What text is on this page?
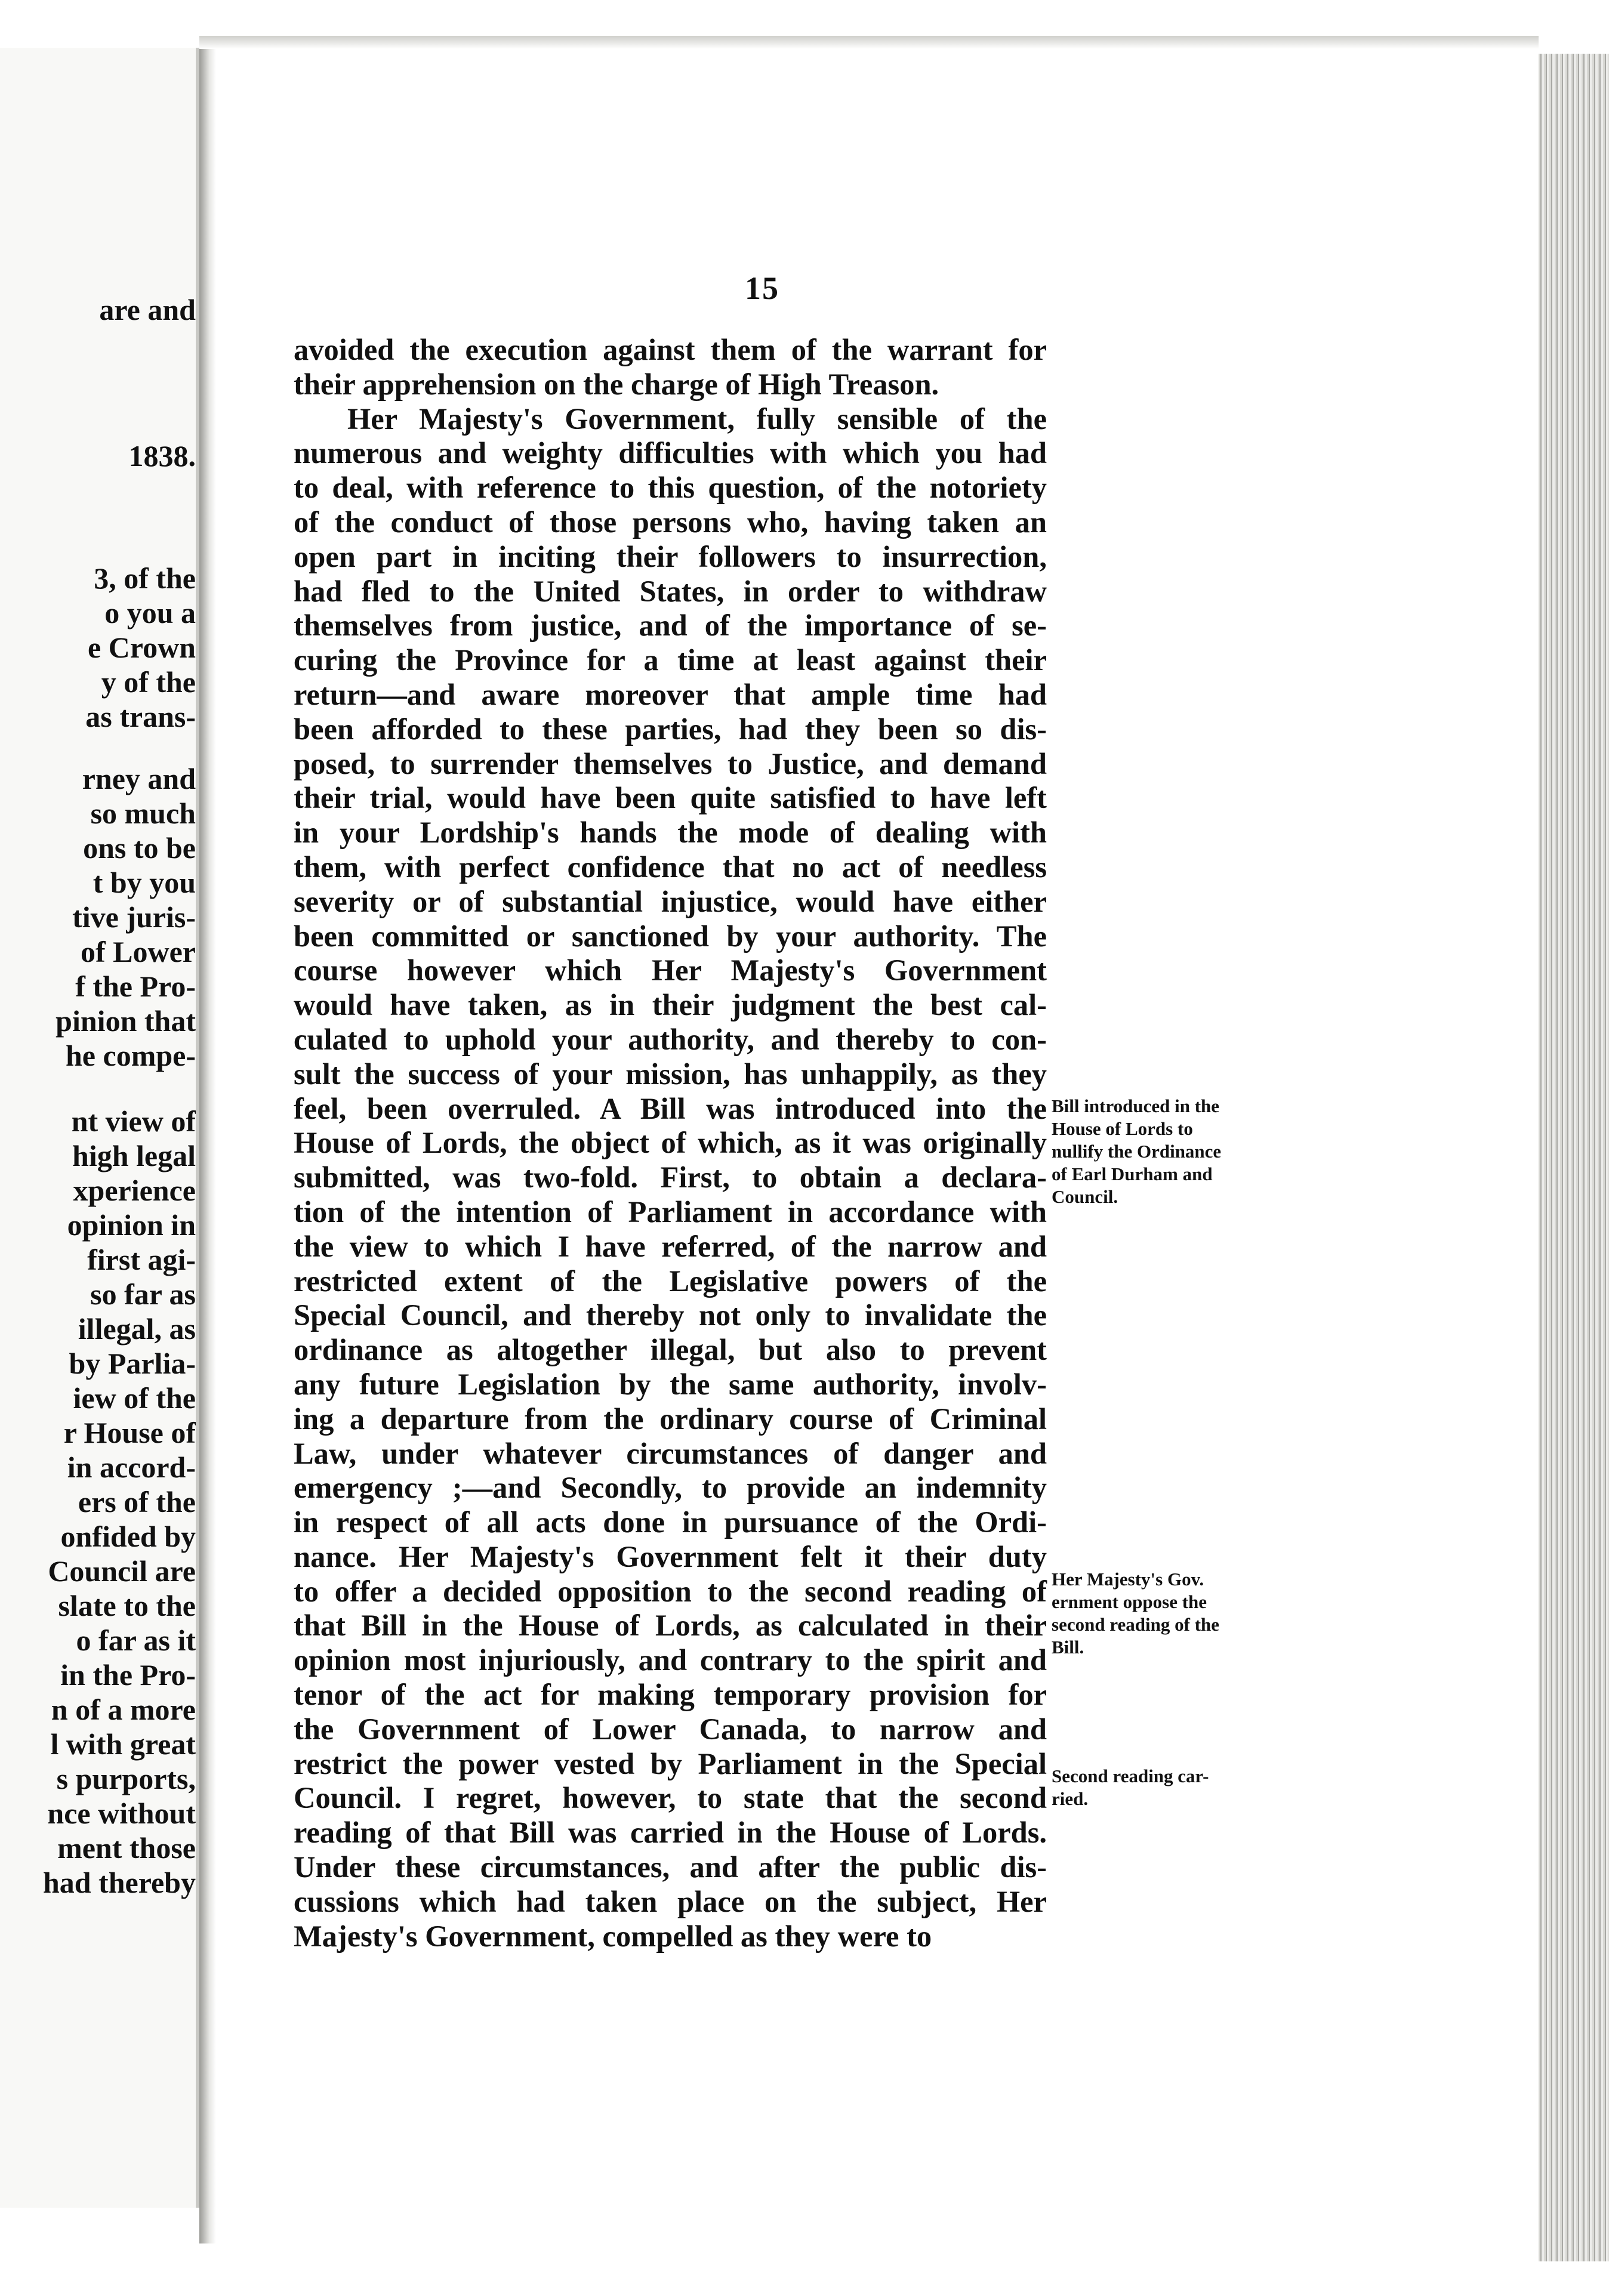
are and
1838.
3, of the
o you a
e Crown
y of the
as trans-
rney and
so much
ons to be
t by you
tive juris-
of Lower
f the Pro-
pinion that
he compe-
nt view of
high legal
xperience
opinion in
first agi-
so far as
illegal, as
by Parlia-
iew of the
r House of
in accord-
ers of the
onfided by
Council are
slate to the
o far as it
in the Pro-
n of a more
l with great
s purports,
nce without
ment those
had thereby
15
avoided the execution against them of the warrant for
their apprehension on the charge of High Treason.
Her Majesty's Government, fully sensible of the
numerous and weighty difficulties with which you had
to deal, with reference to this question, of the notoriety
of the conduct of those persons who, having taken an
open part in inciting their followers to insurrection,
had fled to the United States, in order to withdraw
themselves from justice, and of the importance of se-
curing the Province for a time at least against their
return—and aware moreover that ample time had
been afforded to these parties, had they been so dis-
posed, to surrender themselves to Justice, and demand
their trial, would have been quite satisfied to have left
in your Lordship's hands the mode of dealing with
them, with perfect confidence that no act of needless
severity or of substantial injustice, would have either
been committed or sanctioned by your authority. The
course however which Her Majesty's Government
would have taken, as in their judgment the best cal-
culated to uphold your authority, and thereby to con-
sult the success of your mission, has unhappily, as they
feel, been overruled. A Bill was introduced into the
House of Lords, the object of which, as it was originally
submitted, was two-fold. First, to obtain a declara-
tion of the intention of Parliament in accordance with
the view to which I have referred, of the narrow and
restricted extent of the Legislative powers of the
Special Council, and thereby not only to invalidate the
ordinance as altogether illegal, but also to prevent
any future Legislation by the same authority, involv-
ing a departure from the ordinary course of Criminal
Law, under whatever circumstances of danger and
emergency ;—and Secondly, to provide an indemnity
in respect of all acts done in pursuance of the Ordi-
nance. Her Majesty's Government felt it their duty
to offer a decided opposition to the second reading of
that Bill in the House of Lords, as calculated in their
opinion most injuriously, and contrary to the spirit and
tenor of the act for making temporary provision for
the Government of Lower Canada, to narrow and
restrict the power vested by Parliament in the Special
Council. I regret, however, to state that the second
reading of that Bill was carried in the House of Lords.
Under these circumstances, and after the public dis-
cussions which had taken place on the subject, Her
Majesty's Government, compelled as they were to
Bill introduced in the
House of Lords to
nullify the Ordinance
of Earl Durham and
Council.
Her Majesty's Gov.
ernment oppose the
second reading of the
Bill.
Second reading car-
ried.
